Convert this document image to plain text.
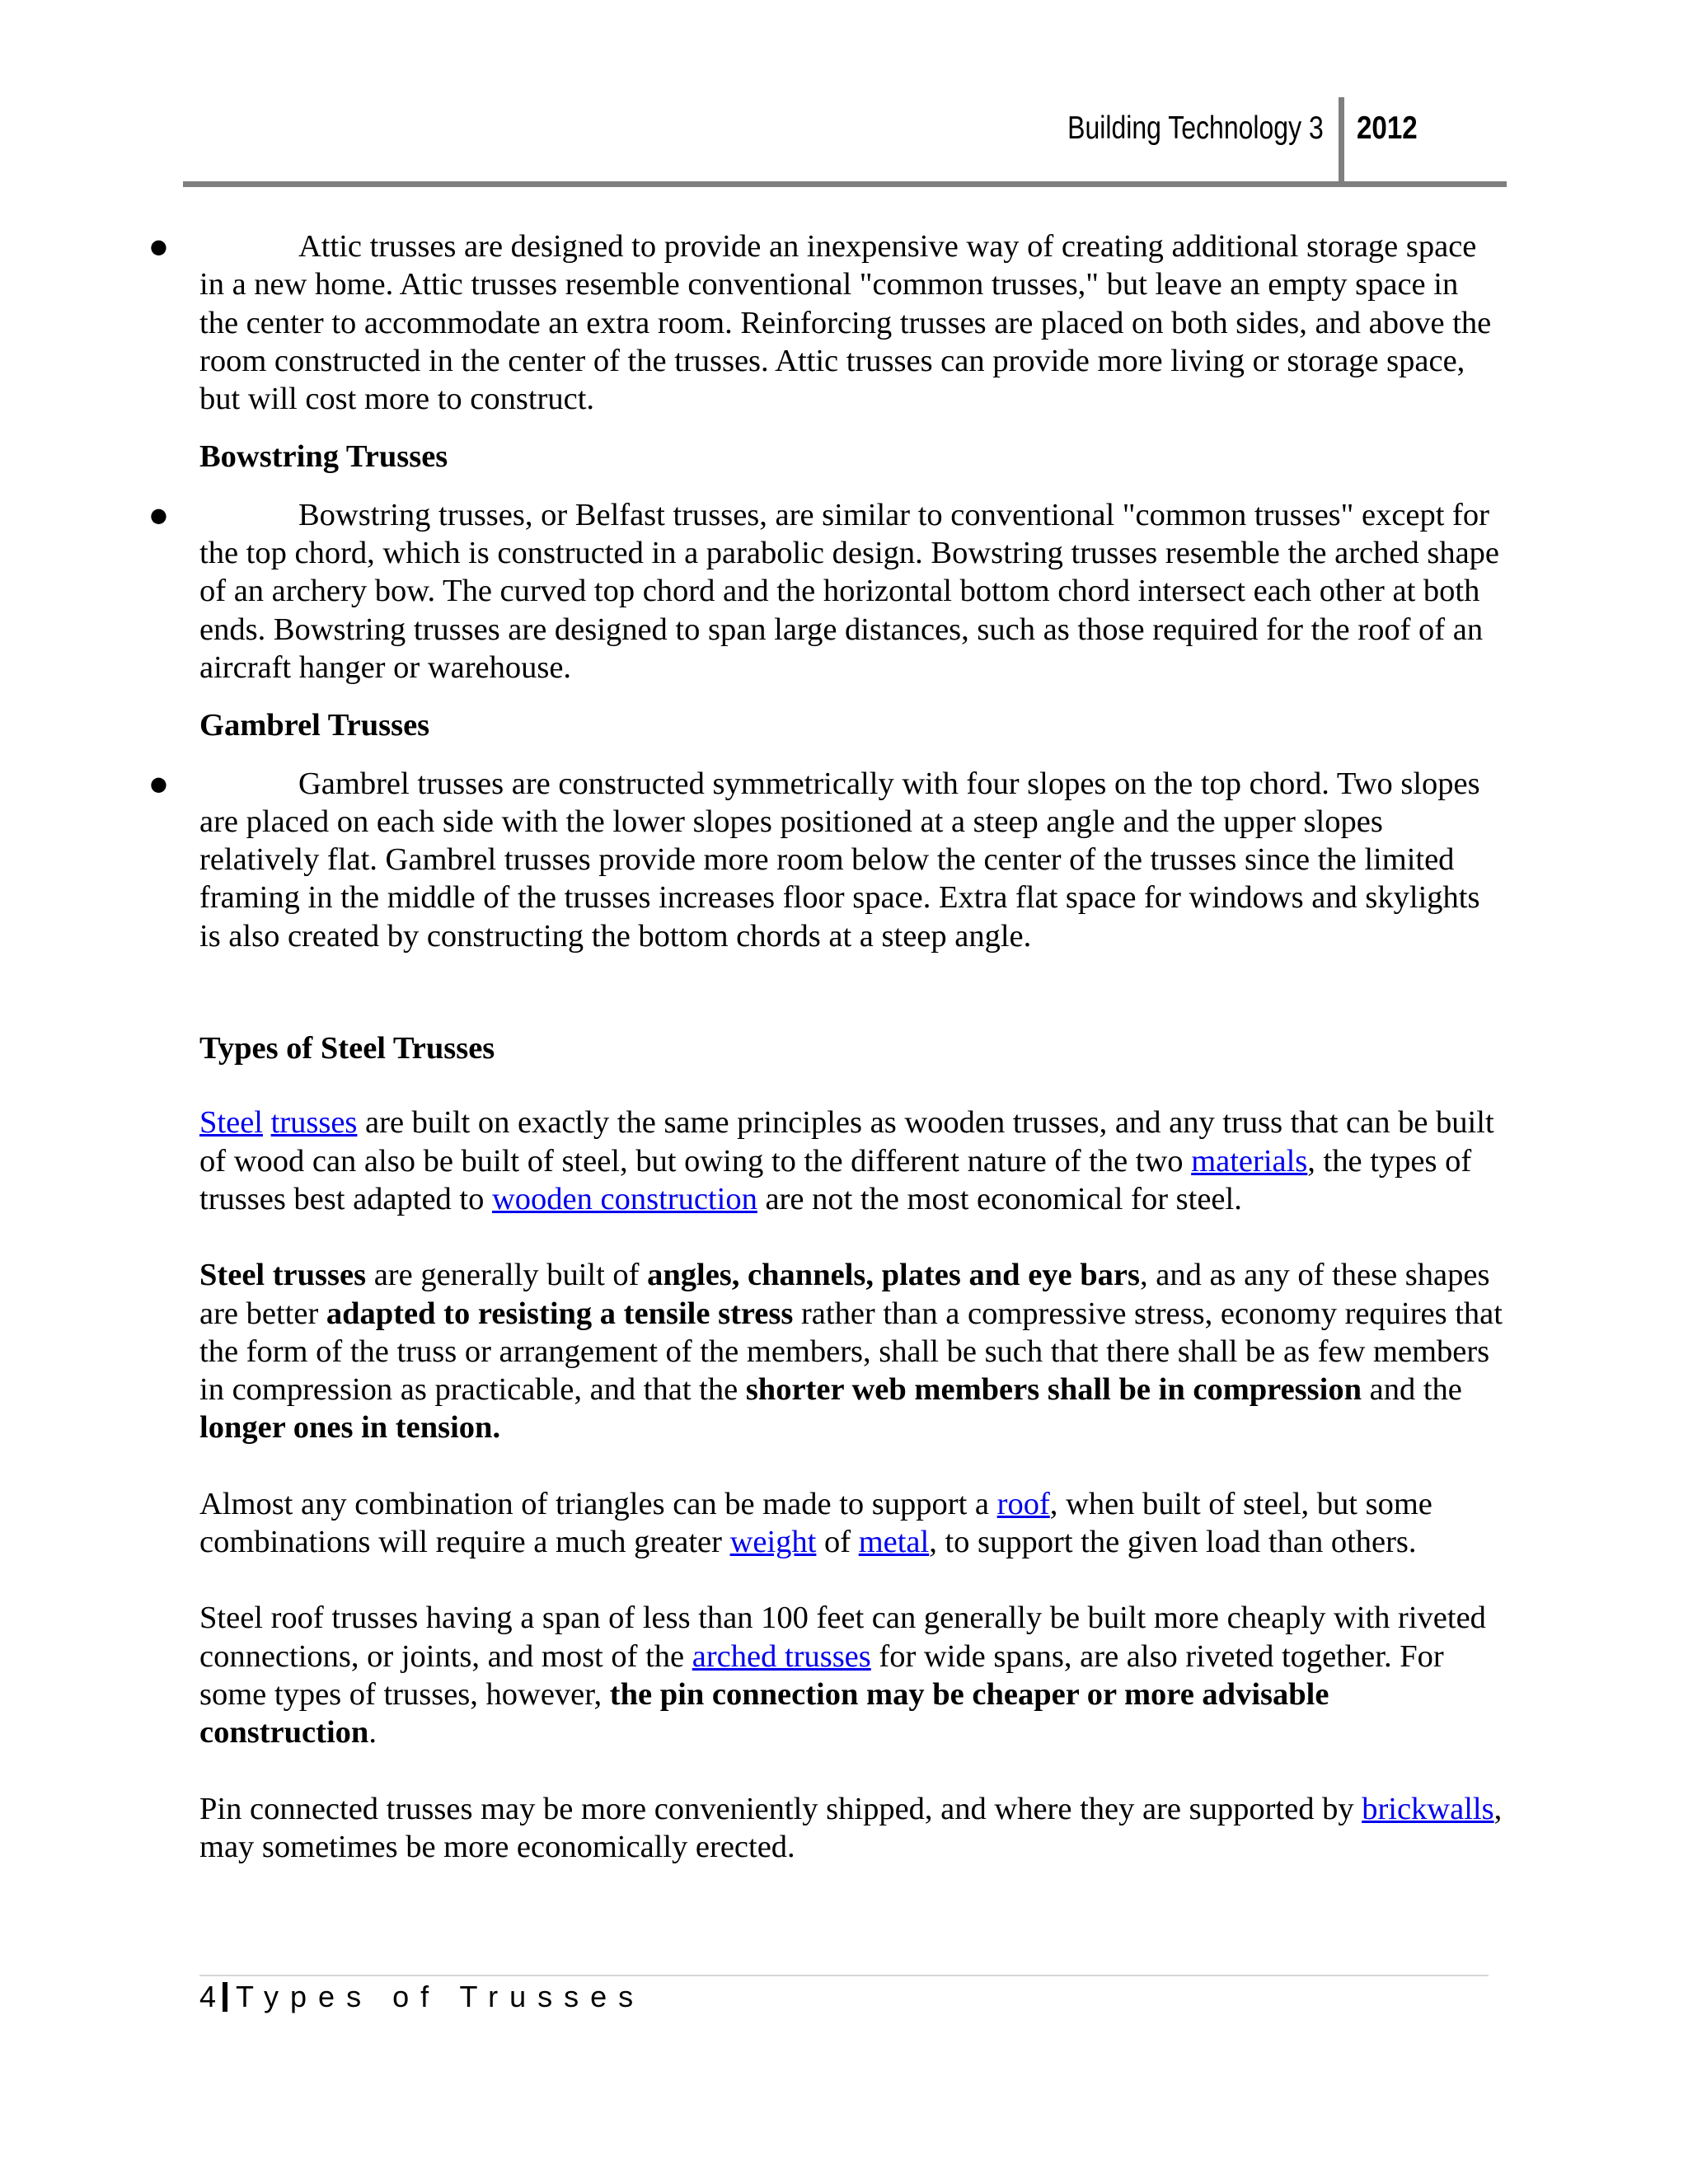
Building Technology 3 2012
●	Attic trusses are designed to provide an inexpensive way of creating additional storage space in a new home. Attic trusses resemble conventional "common trusses," but leave an empty space in the center to accommodate an extra room. Reinforcing trusses are placed on both sides, and above the room constructed in the center of the trusses. Attic trusses can provide more living or storage space, but will cost more to construct.

Bowstring Trusses
●	Bowstring trusses, or Belfast trusses, are similar to conventional "common trusses" except for the top chord, which is constructed in a parabolic design. Bowstring trusses resemble the arched shape of an archery bow. The curved top chord and the horizontal bottom chord intersect each other at both ends. Bowstring trusses are designed to span large distances, such as those required for the roof of an aircraft hanger or warehouse.

Gambrel Trusses
●	Gambrel trusses are constructed symmetrically with four slopes on the top chord. Two slopes are placed on each side with the lower slopes positioned at a steep angle and the upper slopes relatively flat. Gambrel trusses provide more room below the center of the trusses since the limited framing in the middle of the trusses increases floor space. Extra flat space for windows and skylights is also created by constructing the bottom chords at a steep angle.

Types of Steel Trusses

Steel trusses are built on exactly the same principles as wooden trusses, and any truss that can be built of wood can also be built of steel, but owing to the different nature of the two materials, the types of trusses best adapted to wooden construction are not the most economical for steel.

Steel trusses are generally built of angles, channels, plates and eye bars, and as any of these shapes are better adapted to resisting a tensile stress rather than a compressive stress, economy requires that the form of the truss or arrangement of the members, shall be such that there shall be as few members in compression as practicable, and that the shorter web members shall be in compression and the longer ones in tension.

Almost any combination of triangles can be made to support a roof, when built of steel, but some combinations will require a much greater weight of metal, to support the given load than others.

Steel roof trusses having a span of less than 100 feet can generally be built more cheaply with riveted connections, or joints, and most of the arched trusses for wide spans, are also riveted together. For some types of trusses, however, the pin connection may be cheaper or more advisable construction.

Pin connected trusses may be more conveniently shipped, and where they are supported by brickwalls, may sometimes be more economically erected.

4 Types of Trusses
